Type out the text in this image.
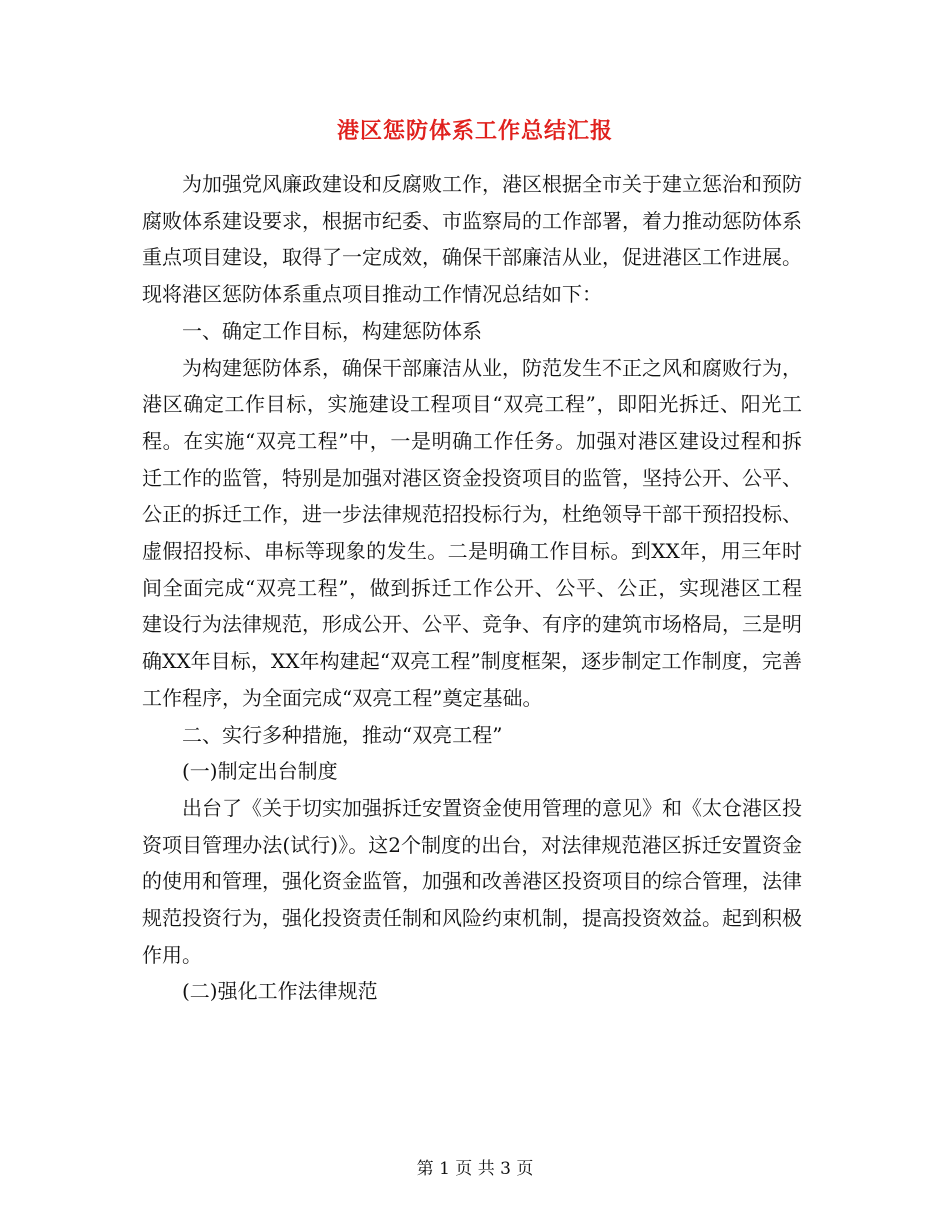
港区惩防体系工作总结汇报

为加强党风廉政建设和反腐败工作，港区根据全市关于建立惩治和预防腐败体系建设要求，根据市纪委、市监察局的工作部署，着力推动惩防体系重点项目建设，取得了一定成效，确保干部廉洁从业，促进港区工作进展。现将港区惩防体系重点项目推动工作情况总结如下：

一、确定工作目标，构建惩防体系

为构建惩防体系，确保干部廉洁从业，防范发生不正之风和腐败行为，港区确定工作目标，实施建设工程项目“双亮工程”，即阳光拆迁、阳光工程。在实施“双亮工程”中，一是明确工作任务。加强对港区建设过程和拆迁工作的监管，特别是加强对港区资金投资项目的监管，坚持公开、公平、公正的拆迁工作，进一步法律规范招投标行为，杜绝领导干部干预招投标、虚假招投标、串标等现象的发生。二是明确工作目标。到XX年，用三年时间全面完成“双亮工程”，做到拆迁工作公开、公平、公正，实现港区工程建设行为法律规范，形成公开、公平、竞争、有序的建筑市场格局，三是明确XX年目标，XX年构建起“双亮工程”制度框架，逐步制定工作制度，完善工作程序，为全面完成“双亮工程”奠定基础。

二、实行多种措施，推动“双亮工程”

(一)制定出台制度

出台了《关于切实加强拆迁安置资金使用管理的意见》和《太仓港区投资项目管理办法(试行)》。这2个制度的出台，对法律规范港区拆迁安置资金的使用和管理，强化资金监管，加强和改善港区投资项目的综合管理，法律规范投资行为，强化投资责任制和风险约束机制，提高投资效益。起到积极作用。

(二)强化工作法律规范

第 1 页 共 3 页
